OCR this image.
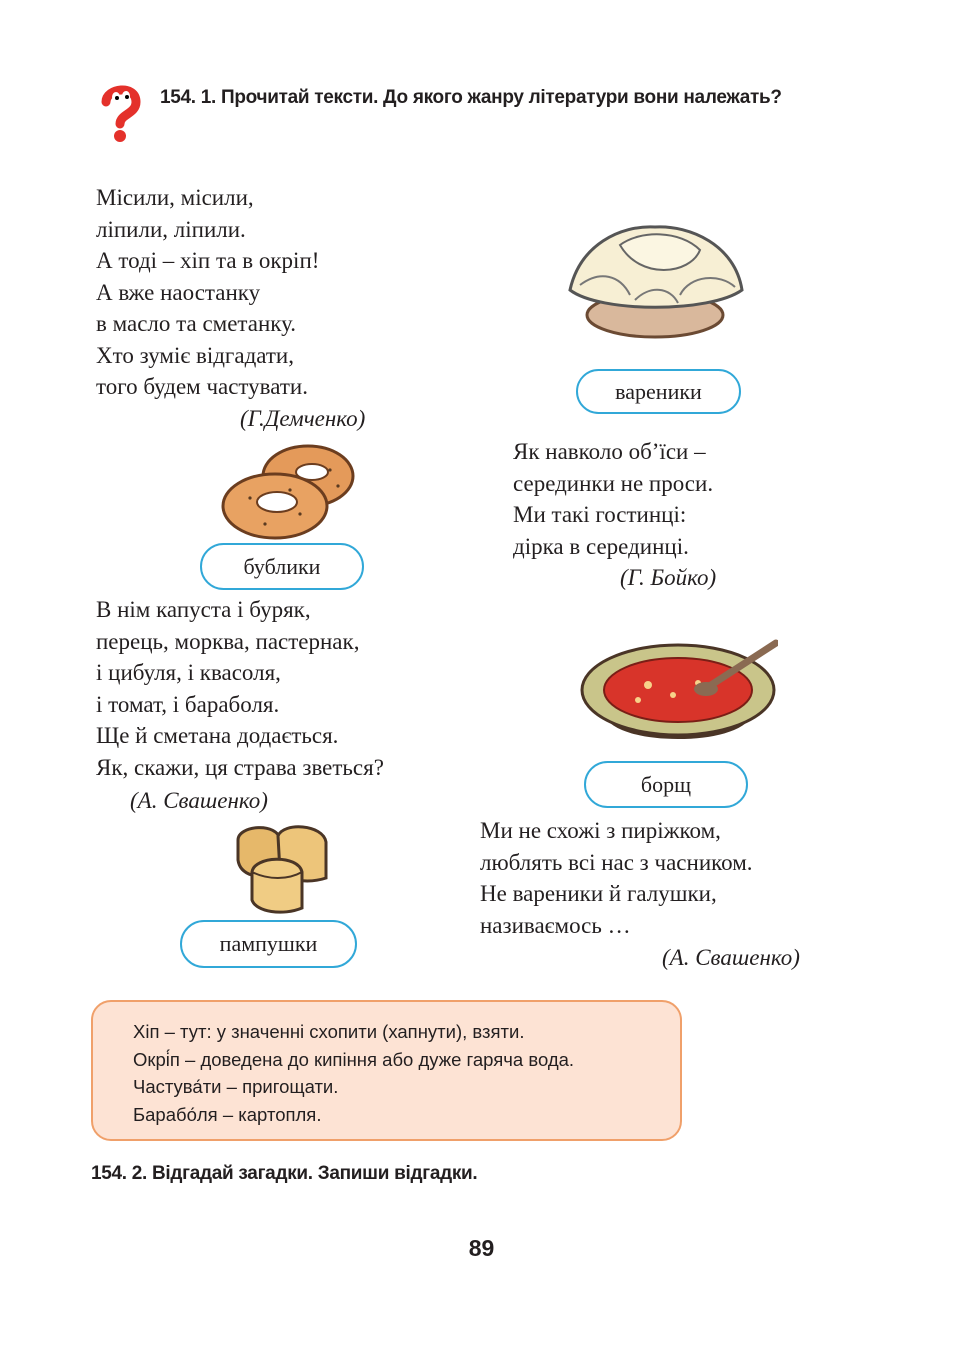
154. 1. Прочитай тексти. До якого жанру літератури вони належать?
Місили, місили,
ліпили, ліпили.
А тоді – хіп та в окріп!
А вже наостанку
в масло та сметанку.
Хто зуміє відгадати,
того будем частувати.
(Г.Демченко)
вареники
Як навколо об’їси –
серединки не проси.
Ми такі гостинці:
дірка в серединці.
(Г. Бойко)
бублики
В нім капуста і буряк,
перець, морква, пастернак,
і цибуля, і квасоля,
і томат, і бараболя.
Ще й сметана додається.
Як, скажи, ця страва зветься?
(А. Свашенко)
борщ
Ми не схожі з пиріжком,
люблять всі нас з часником.
Не вареники й галушки,
називаємось …
(А. Свашенко)
пампушки
Хіп – тут: у значенні схопити (хапнути), взяти.
Окрі́п – доведена до кипіння або дуже гаряча вода.
Частува́ти – пригощати.
Барабо́ля – картопля.
154. 2. Відгадай загадки. Запиши відгадки.
89
